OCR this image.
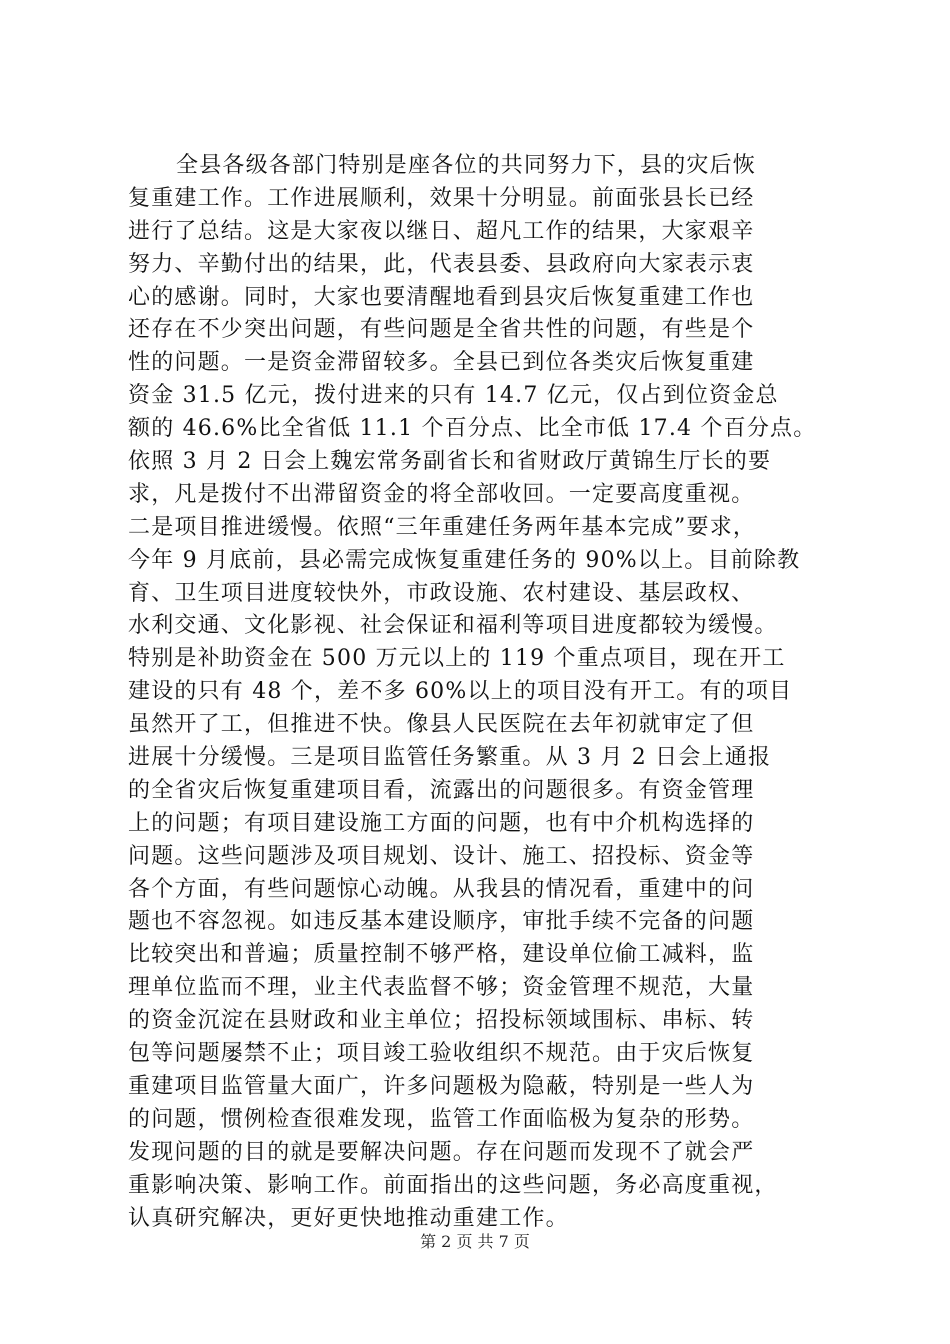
全县各级各部门特别是座各位的共同努力下，县的灾后恢
复重建工作。工作进展顺利，效果十分明显。前面张县长已经
进行了总结。这是大家夜以继日、超凡工作的结果，大家艰辛
努力、辛勤付出的结果，此，代表县委、县政府向大家表示衷
心的感谢。同时，大家也要清醒地看到县灾后恢复重建工作也
还存在不少突出问题，有些问题是全省共性的问题，有些是个
性的问题。一是资金滞留较多。全县已到位各类灾后恢复重建
资金 31.5 亿元，拨付进来的只有 14.7 亿元，仅占到位资金总
额的 46.6%比全省低 11.1 个百分点、比全市低 17.4 个百分点。
依照 3 月 2 日会上魏宏常务副省长和省财政厅黄锦生厅长的要
求，凡是拨付不出滞留资金的将全部收回。一定要高度重视。
二是项目推进缓慢。依照“三年重建任务两年基本完成”要求，
今年 9 月底前，县必需完成恢复重建任务的 90%以上。目前除教
育、卫生项目进度较快外，市政设施、农村建设、基层政权、
水利交通、文化影视、社会保证和福利等项目进度都较为缓慢。
特别是补助资金在 500 万元以上的 119 个重点项目，现在开工
建设的只有 48 个，差不多 60%以上的项目没有开工。有的项目
虽然开了工，但推进不快。像县人民医院在去年初就审定了但
进展十分缓慢。三是项目监管任务繁重。从 3 月 2 日会上通报
的全省灾后恢复重建项目看，流露出的问题很多。有资金管理
上的问题；有项目建设施工方面的问题，也有中介机构选择的
问题。这些问题涉及项目规划、设计、施工、招投标、资金等
各个方面，有些问题惊心动魄。从我县的情况看，重建中的问
题也不容忽视。如违反基本建设顺序，审批手续不完备的问题
比较突出和普遍；质量控制不够严格，建设单位偷工减料，监
理单位监而不理，业主代表监督不够；资金管理不规范，大量
的资金沉淀在县财政和业主单位；招投标领域围标、串标、转
包等问题屡禁不止；项目竣工验收组织不规范。由于灾后恢复
重建项目监管量大面广，许多问题极为隐蔽，特别是一些人为
的问题，惯例检查很难发现，监管工作面临极为复杂的形势。
发现问题的目的就是要解决问题。存在问题而发现不了就会严
重影响决策、影响工作。前面指出的这些问题，务必高度重视，
认真研究解决，更好更快地推动重建工作。
第 2 页 共 7 页
